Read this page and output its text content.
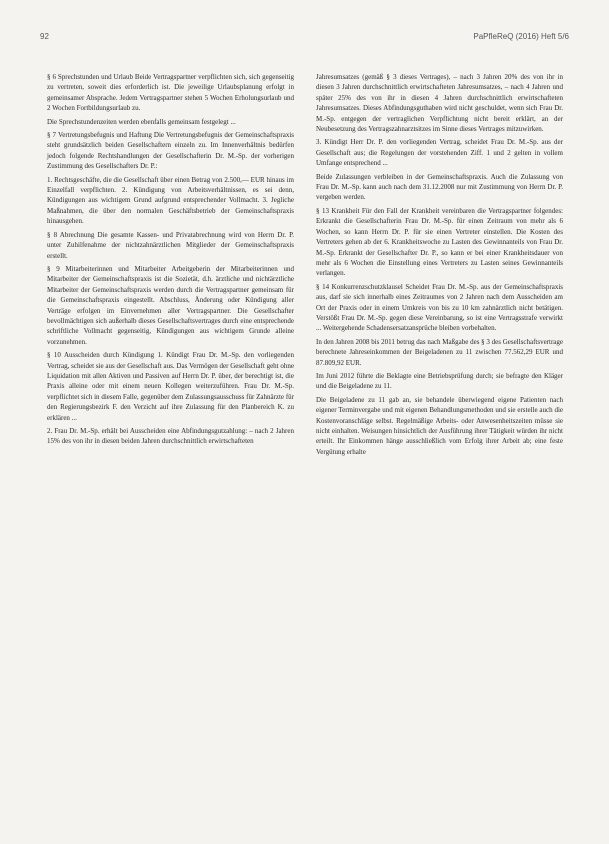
92	PaPfleReQ (2016) Heft 5/6

§ 6 Sprechstunden und Urlaub Beide Vertragspartner verpflichten sich, sich gegenseitig zu vertreten, soweit dies erforderlich ist. Die jeweilige Urlaubsplanung erfolgt in gemeinsamer Absprache. Jedem Vertragspartner stehen 5 Wochen Erholungsurlaub und 2 Wochen Fortbildungsurlaub zu.

Die Sprechstundenzeiten werden ebenfalls gemeinsam festgelegt ...

§ 7 Vertretungsbefugnis und Haftung Die Vertretungsbefugnis der Gemeinschaftspraxis steht grundsätzlich beiden Gesellschaftern einzeln zu. Im Innenverhältnis bedürfen jedoch folgende Rechtshandlungen der Gesellschafterin Dr. M.-Sp. der vorherigen Zustimmung des Gesellschafters Dr. P.:

1. Rechtsgeschäfte, die die Gesellschaft über einen Betrag von 2.500,— EUR hinaus im Einzelfall verpflichten. 2. Kündigung von Arbeitsverhältnissen, es sei denn, Kündigungen aus wichtigem Grund aufgrund entsprechender Vollmacht. 3. Jegliche Maßnahmen, die über den normalen Geschäftsbetrieb der Gemeinschaftspraxis hinausgehen.

§ 8 Abrechnung Die gesamte Kassen- und Privatabrechnung wird von Herrn Dr. P. unter Zuhilfenahme der nichtzahnärztlichen Mitglieder der Gemeinschaftspraxis erstellt.

§ 9 Mitarbeiterinnen und Mitarbeiter Arbeitgeberin der Mitarbeiterinnen und Mitarbeiter der Gemeinschaftspraxis ist die Sozietät, d.h. ärztliche und nichtärztliche Mitarbeiter der Gemeinschaftspraxis werden durch die Vertragspartner gemeinsam für die Gemeinschaftspraxis eingestellt. Abschluss, Änderung oder Kündigung aller Verträge erfolgen im Einvernehmen aller Vertragspartner. Die Gesellschafter bevollmächtigen sich außerhalb dieses Gesellschaftsvertrages durch eine entsprechende schriftliche Vollmacht gegenseitig, Kündigungen aus wichtigem Grunde alleine vorzunehmen.

§ 10 Ausscheiden durch Kündigung 1. Kündigt Frau Dr. M.-Sp. den vorliegenden Vertrag, scheidet sie aus der Gesellschaft aus. Das Vermögen der Gesellschaft geht ohne Liquidation mit allen Aktiven und Passiven auf Herrn Dr. P. über, der berechtigt ist, die Praxis alleine oder mit einem neuen Kollegen weiterzuführen. Frau Dr. M.-Sp. verpflichtet sich in diesem Falle, gegenüber dem Zulassungsausschuss für Zahnärzte für den Regierungsbezirk F. den Verzicht auf ihre Zulassung für den Planbereich K. zu erklären ...

2. Frau Dr. M.-Sp. erhält bei Ausscheiden eine Abfindungsgutzahlung: – nach 2 Jahren 15% des von ihr in diesen beiden Jahren durchschnittlich erwirtschafteten

Jahresumsatzes (gemäß § 3 dieses Vertrages), – nach 3 Jahren 20% des von ihr in diesen 3 Jahren durchschnittlich erwirtschafteten Jahresumsatzes, – nach 4 Jahren und später 25% des von ihr in diesen 4 Jahren durchschnittlich erwirtschafteten Jahresumsatzes. Dieses Abfindungsguthaben wird nicht geschuldet, wenn sich Frau Dr. M.-Sp. entgegen der vertraglichen Verpflichtung nicht bereit erklärt, an der Neubesetzung des Vertragszahnarztsitzes im Sinne dieses Vertrages mitzuwirken.

3. Kündigt Herr Dr. P. den vorliegenden Vertrag, scheidet Frau Dr. M.-Sp. aus der Gesellschaft aus; die Regelungen der vorstehenden Ziff. 1 und 2 gelten in vollem Umfange entsprechend ...

Beide Zulassungen verbleiben in der Gemeinschaftspraxis. Auch die Zulassung von Frau Dr. M.-Sp. kann auch nach dem 31.12.2008 nur mit Zustimmung von Herrn Dr. P. vergeben werden.

§ 13 Krankheit Für den Fall der Krankheit vereinbaren die Vertragspartner folgendes: Erkrankt die Gesellschafterin Frau Dr. M.-Sp. für einen Zeitraum von mehr als 6 Wochen, so kann Herrn Dr. P. für sie einen Vertreter einstellen. Die Kosten des Vertreters gehen ab der 6. Krankheitswoche zu Lasten des Gewinnanteils von Frau Dr. M.-Sp. Erkrankt der Gesellschafter Dr. P., so kann er bei einer Krankheitsdauer von mehr als 6 Wochen die Einstellung eines Vertreters zu Lasten seines Gewinnanteils verlangen.

§ 14 Konkurrenzschutzklausel Scheidet Frau Dr. M.-Sp. aus der Gemeinschaftspraxis aus, darf sie sich innerhalb eines Zeitraumes von 2 Jahren nach dem Ausscheiden am Ort der Praxis oder in einem Umkreis von bis zu 10 km zahnärztlich nicht betätigen. Verstößt Frau Dr. M.-Sp. gegen diese Vereinbarung, so ist eine Vertragsstrafe verwirkt ... Weitergehende Schadensersatzansprüche bleiben vorbehalten.

In den Jahren 2008 bis 2011 betrug das nach Maßgabe des § 3 des Gesellschaftsvertrage berechnete Jahreseinkommen der Beigeladenen zu 11 zwischen 77.562,29 EUR und 87.809,92 EUR.

Im Juni 2012 führte die Beklagte eine Betriebsprüfung durch; sie befragte den Kläger und die Beigeladene zu 11.

Die Beigeladene zu 11 gab an, sie behandele überwiegend eigene Patienten nach eigener Terminvergabe und mit eigenen Behandlungsmethoden und sie erstelle auch die Kostenvoranschläge selbst. Regelmäßige Arbeits- oder Anwesenheitszeiten müsse sie nicht einhalten. Weisungen hinsichtlich der Ausführung ihrer Tätigkeit würden ihr nicht erteilt. Ihr Einkommen hänge ausschließlich vom Erfolg ihrer Arbeit ab; eine feste Vergütung erhalte
